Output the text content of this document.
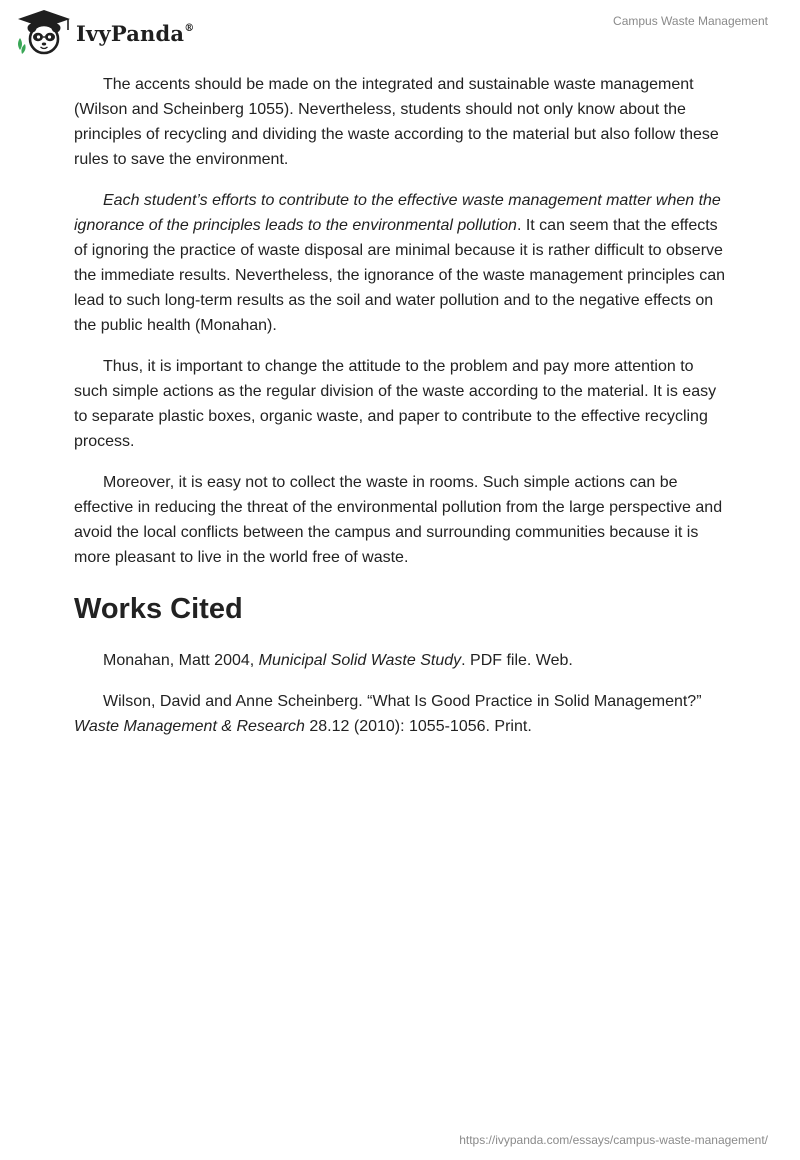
IvyPanda®	Campus Waste Management

The accents should be made on the integrated and sustainable waste management (Wilson and Scheinberg 1055). Nevertheless, students should not only know about the principles of recycling and dividing the waste according to the material but also follow these rules to save the environment.

Each student’s efforts to contribute to the effective waste management matter when the ignorance of the principles leads to the environmental pollution. It can seem that the effects of ignoring the practice of waste disposal are minimal because it is rather difficult to observe the immediate results. Nevertheless, the ignorance of the waste management principles can lead to such long-term results as the soil and water pollution and to the negative effects on the public health (Monahan).

Thus, it is important to change the attitude to the problem and pay more attention to such simple actions as the regular division of the waste according to the material. It is easy to separate plastic boxes, organic waste, and paper to contribute to the effective recycling process.

Moreover, it is easy not to collect the waste in rooms. Such simple actions can be effective in reducing the threat of the environmental pollution from the large perspective and avoid the local conflicts between the campus and surrounding communities because it is more pleasant to live in the world free of waste.

Works Cited

Monahan, Matt 2004, Municipal Solid Waste Study. PDF file. Web.

Wilson, David and Anne Scheinberg. “What Is Good Practice in Solid Management?” Waste Management & Research 28.12 (2010): 1055-1056. Print.

https://ivypanda.com/essays/campus-waste-management/
